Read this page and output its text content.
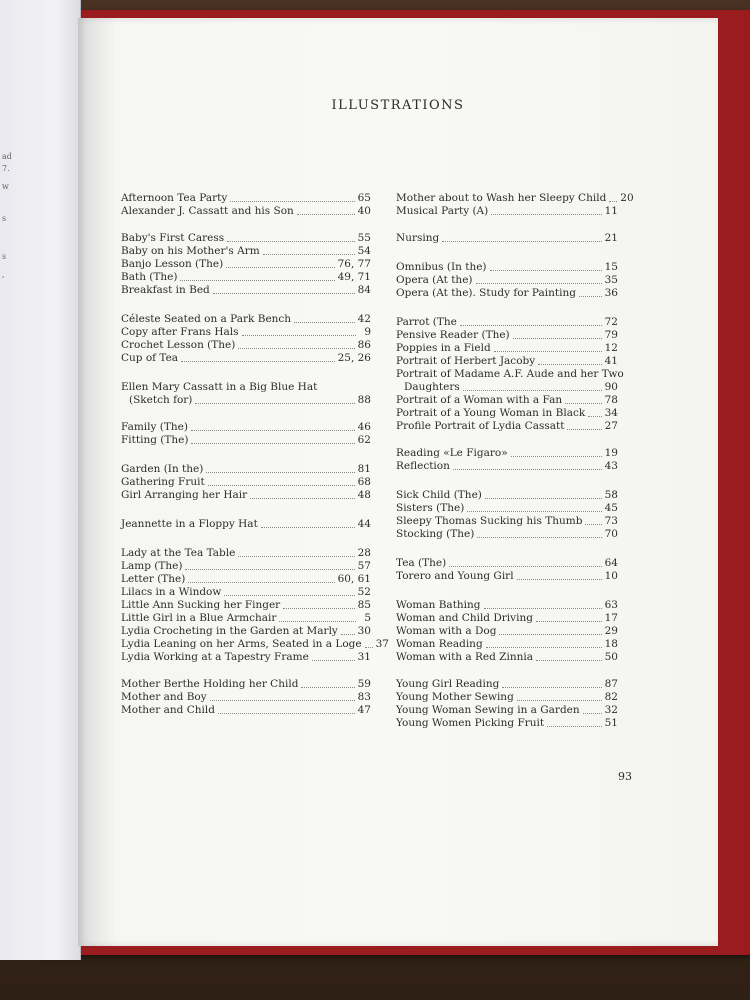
ad
7.
w
s
s
,
ILLUSTRATIONS
Afternoon Tea Party	65
Alexander J. Cassatt and his Son	40
Baby's First Caress	55
Baby on his Mother's Arm	54
Banjo Lesson (The)	76, 77
Bath (The)	49, 71
Breakfast in Bed	84
Céleste Seated on a Park Bench	42
Copy after Frans Hals	9
Crochet Lesson (The)	86
Cup of Tea	25, 26
Ellen Mary Cassatt in a Big Blue Hat
(Sketch for)	88
Family (The)	46
Fitting (The)	62
Garden (In the)	81
Gathering Fruit	68
Girl Arranging her Hair	48
Jeannette in a Floppy Hat	44
Lady at the Tea Table	28
Lamp (The)	57
Letter (The)	60, 61
Lilacs in a Window	52
Little Ann Sucking her Finger	85
Little Girl in a Blue Armchair	5
Lydia Crocheting in the Garden at Marly 30
Lydia Leaning on her Arms, Seated in a Loge 37
Lydia Working at a Tapestry Frame	31
Mother Berthe Holding her Child	59
Mother and Boy	83
Mother and Child	47
Mother about to Wash her Sleepy Child 20
Musical Party (A)	11
Nursing	21
Omnibus (In the)	15
Opera (At the)	35
Opera (At the). Study for Painting	36
Parrot (The	72
Pensive Reader (The)	79
Poppies in a Field	12
Portrait of Herbert Jacoby	41
Portrait of Madame A.F. Aude and her Two
Daughters	90
Portrait of a Woman with a Fan	78
Portrait of a Young Woman in Black 34
Profile Portrait of Lydia Cassatt	27
Reading «Le Figaro»	19
Reflection	43
Sick Child (The)	58
Sisters (The)	45
Sleepy Thomas Sucking his Thumb 73
Stocking (The)	70
Tea (The)	64
Torero and Young Girl	10
Woman Bathing	63
Woman and Child Driving	17
Woman with a Dog	29
Woman Reading	18
Woman with a Red Zinnia	50
Young Girl Reading	87
Young Mother Sewing	82
Young Woman Sewing in a Garden 32
Young Women Picking Fruit	51
93
